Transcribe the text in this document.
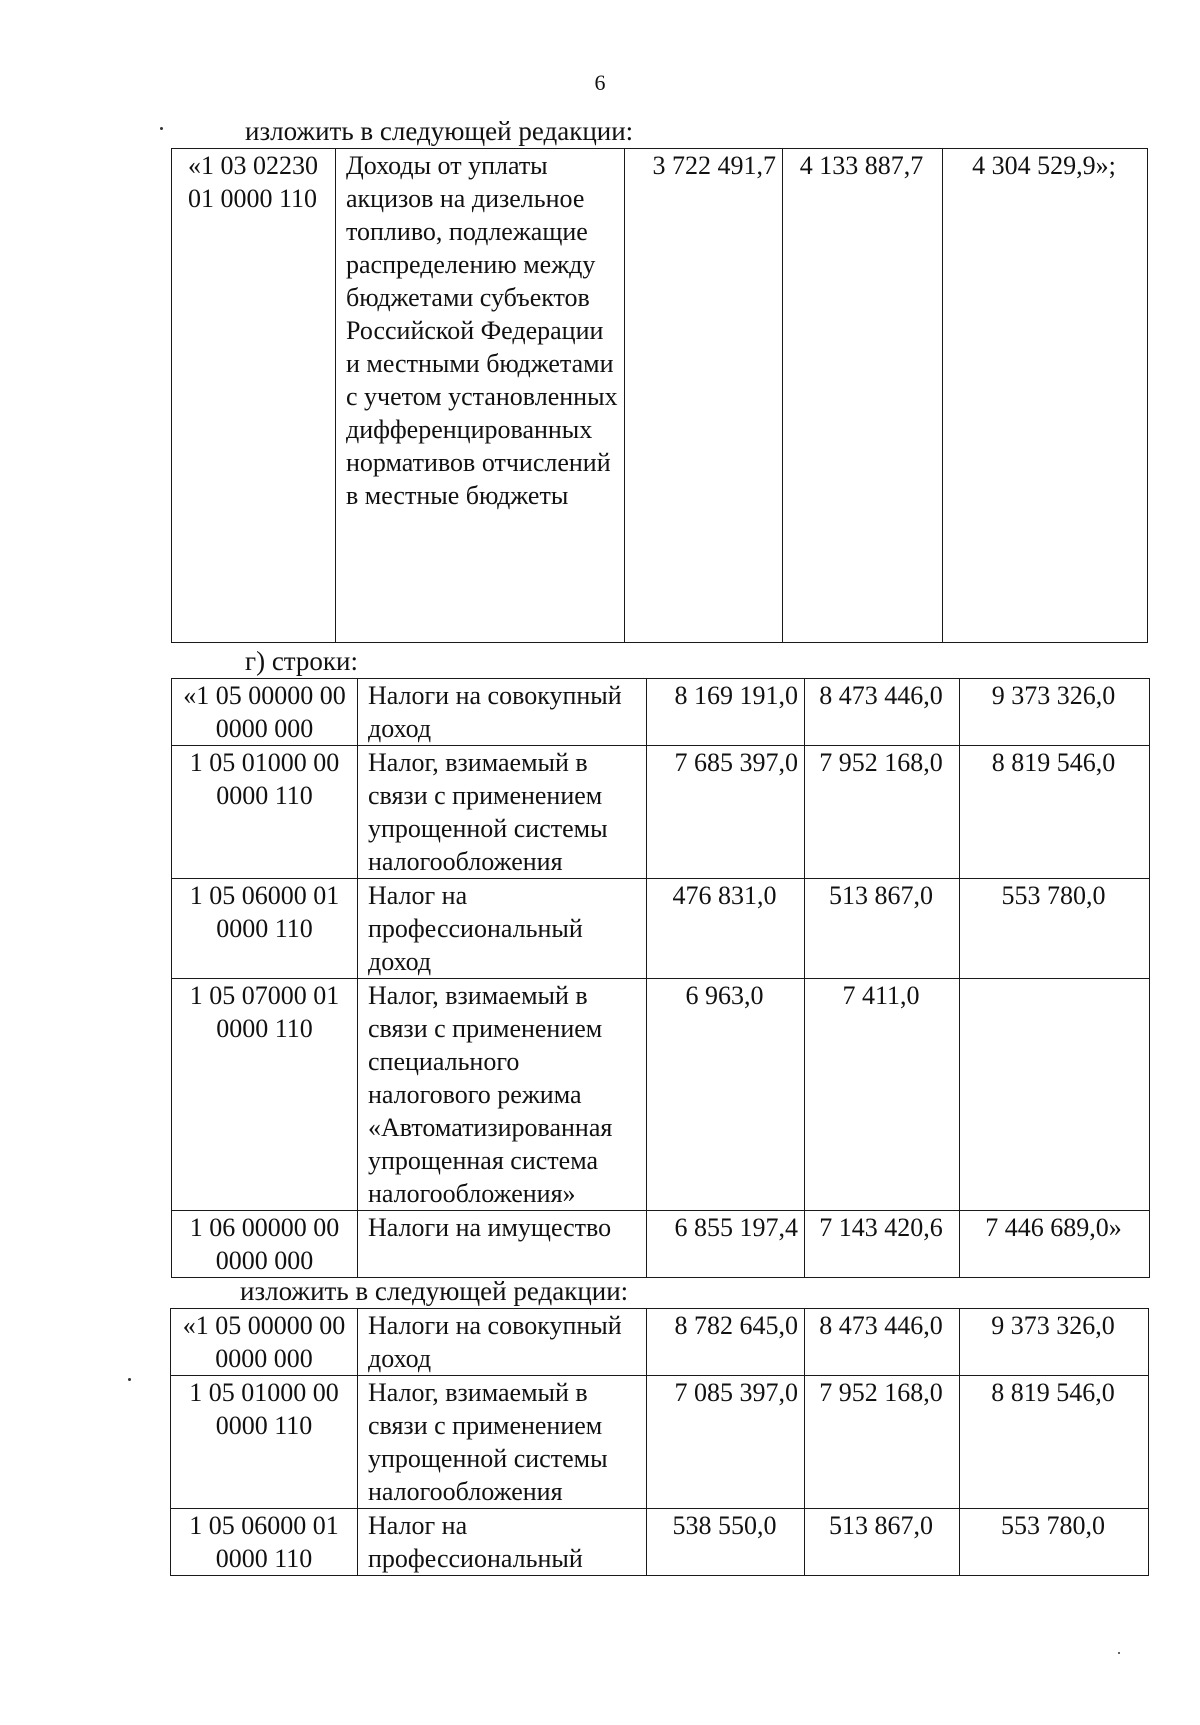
6
изложить в следующей редакции:
«1 03 02230 01 0000 110	Доходы от уплаты акцизов на дизельное топливо, подлежащие распределению между бюджетами субъектов Российской Федерации и местными бюджетами с учетом установленных дифференцированных нормативов отчислений в местные бюджеты	3 722 491,7	4 133 887,7	4 304 529,9»;
г) строки:
«1 05 00000 00 0000 000	Налоги на совокупный доход	8 169 191,0	8 473 446,0	9 373 326,0
1 05 01000 00 0000 110	Налог, взимаемый в связи с применением упрощенной системы налогообложения	7 685 397,0	7 952 168,0	8 819 546,0
1 05 06000 01 0000 110	Налог на профессиональный доход	476 831,0	513 867,0	553 780,0
1 05 07000 01 0000 110	Налог, взимаемый в связи с применением специального налогового режима «Автоматизированная упрощенная система налогообложения»	6 963,0	7 411,0	
1 06 00000 00 0000 000	Налоги на имущество	6 855 197,4	7 143 420,6	7 446 689,0»
изложить в следующей редакции:
«1 05 00000 00 0000 000	Налоги на совокупный доход	8 782 645,0	8 473 446,0	9 373 326,0
1 05 01000 00 0000 110	Налог, взимаемый в связи с применением упрощенной системы налогообложения	7 085 397,0	7 952 168,0	8 819 546,0
1 05 06000 01 0000 110	Налог на профессиональный	538 550,0	513 867,0	553 780,0
